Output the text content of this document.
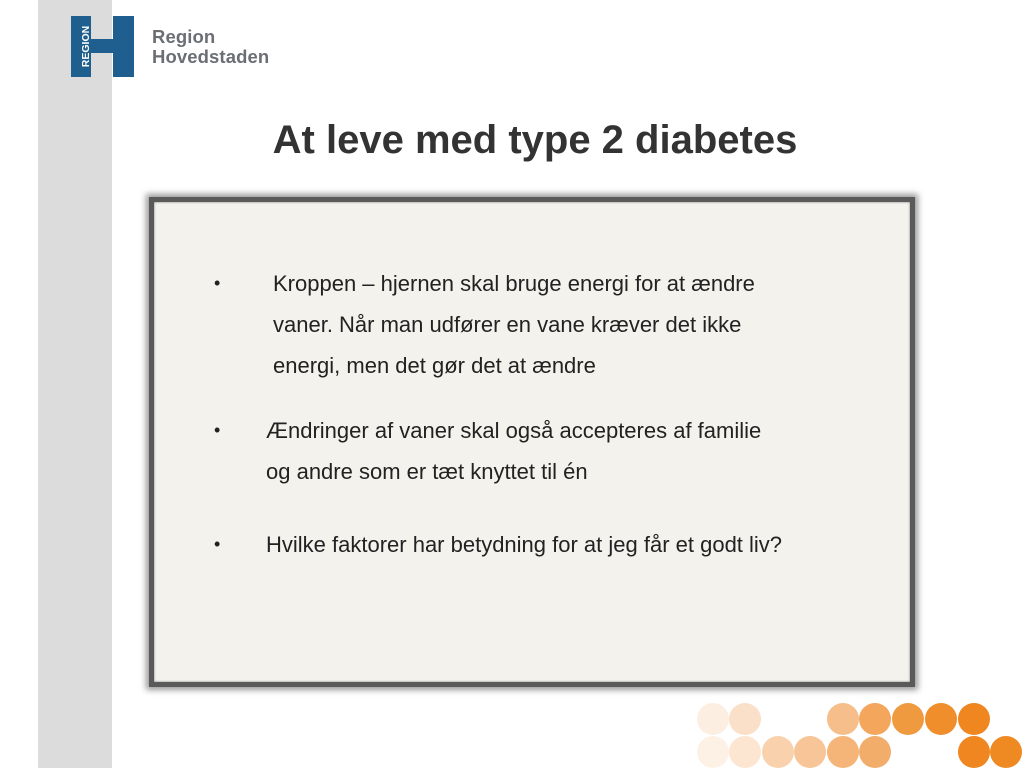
REGION	Region
Hovedstaden
At leve med type 2 diabetes
• Kroppen – hjernen skal bruge energi for at ændre
vaner. Når man udfører en vane kræver det ikke
energi, men det gør det at ændre
• Ændringer af vaner skal også accepteres af familie
og andre som er tæt knyttet til én
• Hvilke faktorer har betydning for at jeg får et godt liv?
